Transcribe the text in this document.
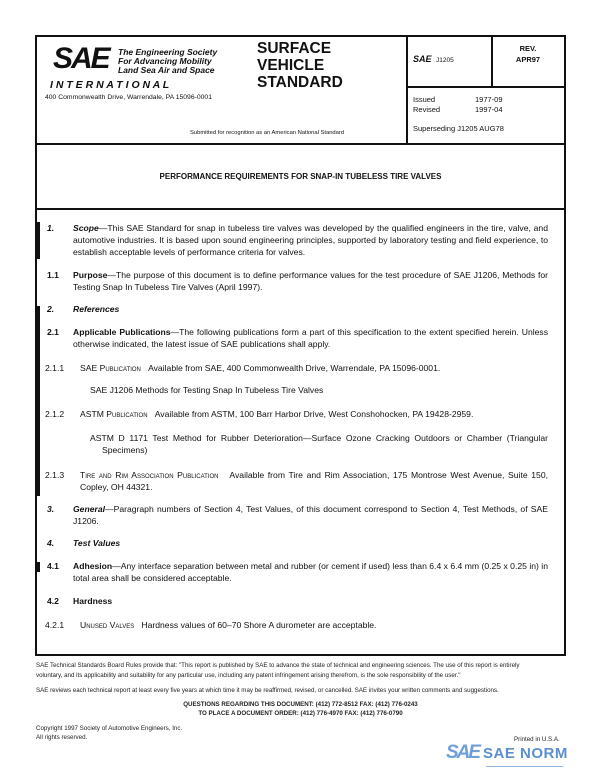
SAE The Engineering Society
For Advancing Mobility
Land Sea Air and Space
I N T E R N A T I O N A L
400 Commonwealth Drive, Warrendale, PA 15096-0001
SURFACE
VEHICLE
STANDARD
Submitted for recognition as an American National Standard
SAE J1205
REV.
APR97
Issued	1977-09
Revised	1997-04
Superseding J1205 AUG78
PERFORMANCE REQUIREMENTS FOR SNAP-IN TUBELESS TIRE VALVES
1. Scope—This SAE Standard for snap in tubeless tire valves was developed by the qualified engineers in the tire, valve, and automotive industries. It is based upon sound engineering principles, supported by laboratory testing and field experience, to establish acceptable levels of performance criteria for valves.
1.1 Purpose—The purpose of this document is to define performance values for the test procedure of SAE J1206, Methods for Testing Snap In Tubeless Tire Valves (April 1997).
2. References
2.1 Applicable Publications—The following publications form a part of this specification to the extent specified herein. Unless otherwise indicated, the latest issue of SAE publications shall apply.
2.1.1 SAE Publication Available from SAE, 400 Commonwealth Drive, Warrendale, PA 15096-0001.
SAE J1206 Methods for Testing Snap In Tubeless Tire Valves
2.1.2 ASTM Publication Available from ASTM, 100 Barr Harbor Drive, West Conshohocken, PA 19428-2959.
ASTM D 1171 Test Method for Rubber Deterioration—Surface Ozone Cracking Outdoors or Chamber (Triangular Specimens)
2.1.3 Tire and Rim Association Publication Available from Tire and Rim Association, 175 Montrose West Avenue, Suite 150, Copley, OH 44321.
3. General—Paragraph numbers of Section 4, Test Values, of this document correspond to Section 4, Test Methods, of SAE J1206.
4. Test Values
4.1 Adhesion—Any interface separation between metal and rubber (or cement if used) less than 6.4 x 6.4 mm (0.25 x 0.25 in) in total area shall be considered acceptable.
4.2 Hardness
4.2.1 Unused Valves Hardness values of 60–70 Shore A durometer are acceptable.
SAE Technical Standards Board Rules provide that: "This report is published by SAE to advance the state of technical and engineering sciences. The use of this report is entirely
voluntary, and its applicability and suitability for any particular use, including any patent infringement arising therefrom, is the sole responsibility of the user."
SAE reviews each technical report at least every five years at which time it may be reaffirmed, revised, or cancelled. SAE invites your written comments and suggestions.
QUESTIONS REGARDING THIS DOCUMENT: (412) 772-8512 FAX: (412) 776-0243
TO PLACE A DOCUMENT ORDER: (412) 776-4970 FAX: (412) 776-0790
Copyright 1997 Society of Automotive Engineers, Inc.
All rights reserved.	Printed in U.S.A.
SAE SAE NORM
